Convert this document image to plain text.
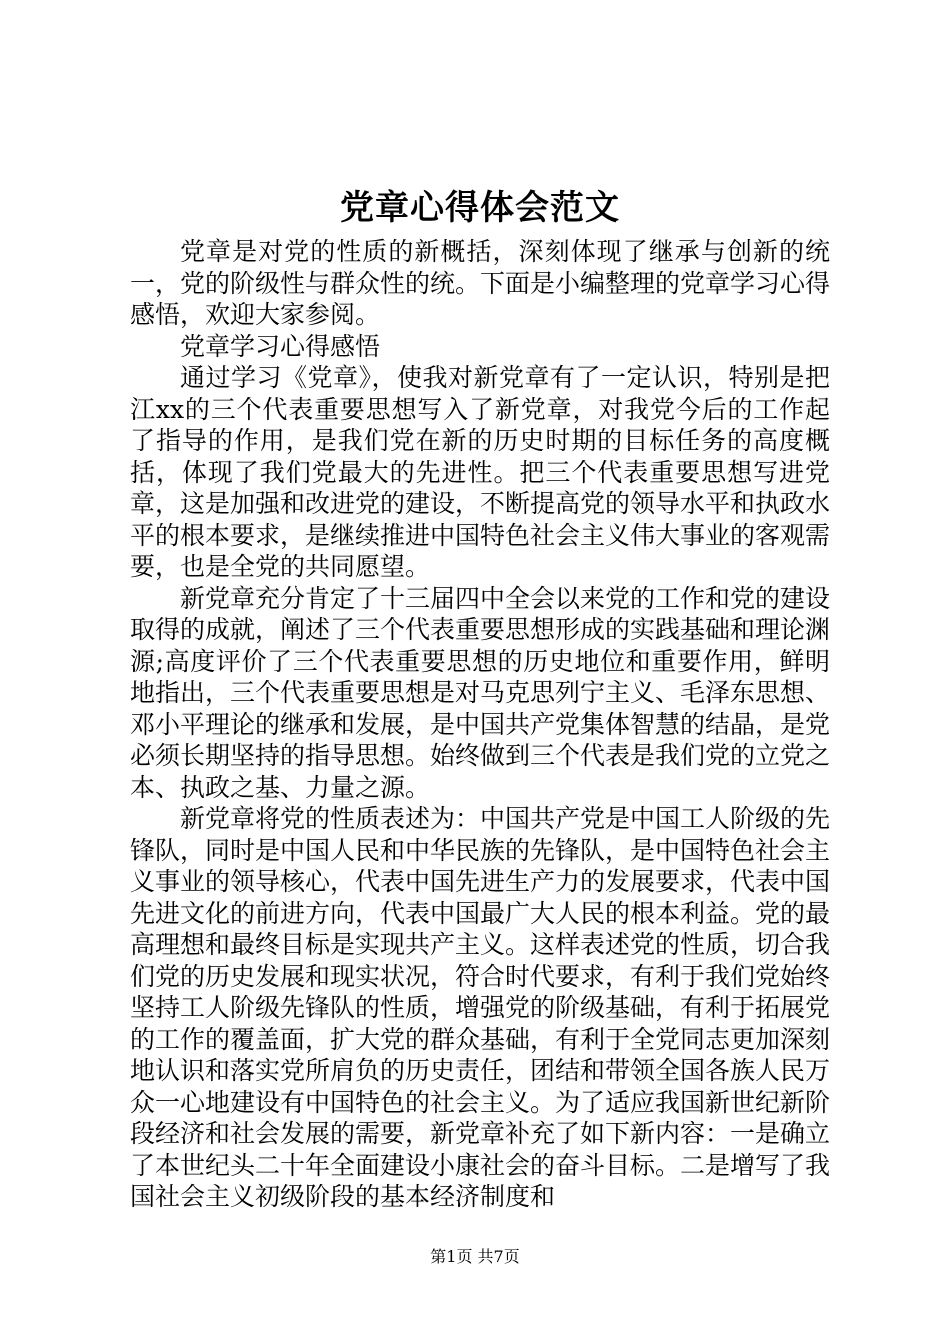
党章心得体会范文

党章是对党的性质的新概括，深刻体现了继承与创新的统一，党的阶级性与群众性的统。下面是小编整理的党章学习心得感悟，欢迎大家参阅。

党章学习心得感悟

通过学习《党章》，使我对新党章有了一定认识，特别是把江xx的三个代表重要思想写入了新党章，对我党今后的工作起了指导的作用，是我们党在新的历史时期的目标任务的高度概括，体现了我们党最大的先进性。把三个代表重要思想写进党章，这是加强和改进党的建设，不断提高党的领导水平和执政水平的根本要求，是继续推进中国特色社会主义伟大事业的客观需要，也是全党的共同愿望。

新党章充分肯定了十三届四中全会以来党的工作和党的建设取得的成就，阐述了三个代表重要思想形成的实践基础和理论渊源;高度评价了三个代表重要思想的历史地位和重要作用，鲜明地指出，三个代表重要思想是对马克思列宁主义、毛泽东思想、邓小平理论的继承和发展，是中国共产党集体智慧的结晶，是党必须长期坚持的指导思想。始终做到三个代表是我们党的立党之本、执政之基、力量之源。

新党章将党的性质表述为：中国共产党是中国工人阶级的先锋队，同时是中国人民和中华民族的先锋队，是中国特色社会主义事业的领导核心，代表中国先进生产力的发展要求，代表中国先进文化的前进方向，代表中国最广大人民的根本利益。党的最高理想和最终目标是实现共产主义。这样表述党的性质，切合我们党的历史发展和现实状况，符合时代要求，有利于我们党始终坚持工人阶级先锋队的性质，增强党的阶级基础，有利于拓展党的工作的覆盖面，扩大党的群众基础，有利于全党同志更加深刻地认识和落实党所肩负的历史责任，团结和带领全国各族人民万众一心地建设有中国特色的社会主义。为了适应我国新世纪新阶段经济和社会发展的需要，新党章补充了如下新内容：一是确立了本世纪头二十年全面建设小康社会的奋斗目标。二是增写了我国社会主义初级阶段的基本经济制度和

第1页 共7页
